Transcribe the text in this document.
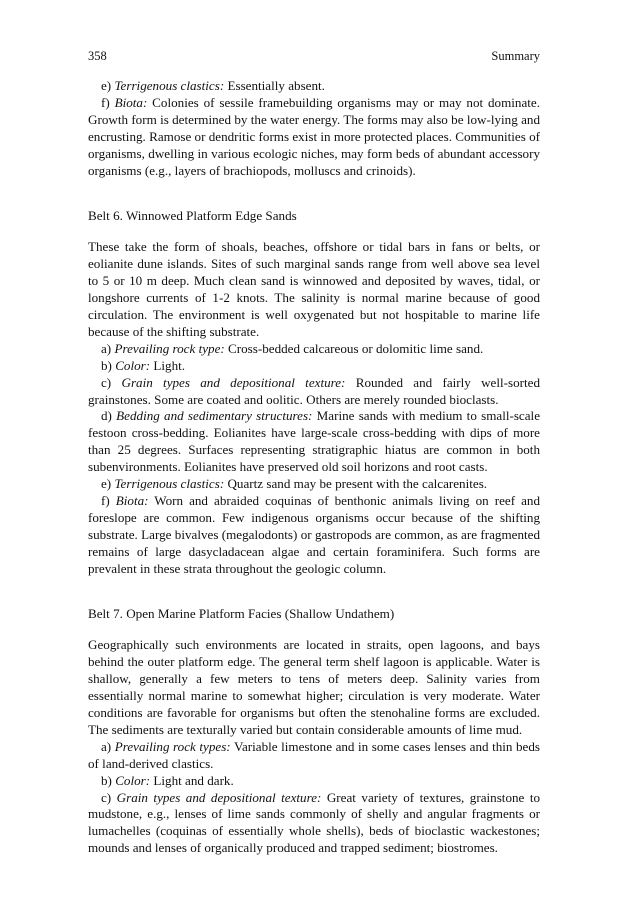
358	Summary

e) Terrigenous clastics: Essentially absent.

f) Biota: Colonies of sessile framebuilding organisms may or may not dominate. Growth form is determined by the water energy. The forms may also be low-lying and encrusting. Ramose or dendritic forms exist in more protected places. Communities of organisms, dwelling in various ecologic niches, may form beds of abundant accessory organisms (e.g., layers of brachiopods, molluscs and crinoids).

Belt 6. Winnowed Platform Edge Sands

These take the form of shoals, beaches, offshore or tidal bars in fans or belts, or eolianite dune islands. Sites of such marginal sands range from well above sea level to 5 or 10 m deep. Much clean sand is winnowed and deposited by waves, tidal, or longshore currents of 1-2 knots. The salinity is normal marine because of good circulation. The environment is well oxygenated but not hospitable to marine life because of the shifting substrate.

a) Prevailing rock type: Cross-bedded calcareous or dolomitic lime sand.

b) Color: Light.

c) Grain types and depositional texture: Rounded and fairly well-sorted grainstones. Some are coated and oolitic. Others are merely rounded bioclasts.

d) Bedding and sedimentary structures: Marine sands with medium to small-scale festoon cross-bedding. Eolianites have large-scale cross-bedding with dips of more than 25 degrees. Surfaces representing stratigraphic hiatus are common in both subenvironments. Eolianites have preserved old soil horizons and root casts.

e) Terrigenous clastics: Quartz sand may be present with the calcarenites.

f) Biota: Worn and abraided coquinas of benthonic animals living on reef and foreslope are common. Few indigenous organisms occur because of the shifting substrate. Large bivalves (megalodonts) or gastropods are common, as are fragmented remains of large dasycladacean algae and certain foraminifera. Such forms are prevalent in these strata throughout the geologic column.

Belt 7. Open Marine Platform Facies (Shallow Undathem)

Geographically such environments are located in straits, open lagoons, and bays behind the outer platform edge. The general term shelf lagoon is applicable. Water is shallow, generally a few meters to tens of meters deep. Salinity varies from essentially normal marine to somewhat higher; circulation is very moderate. Water conditions are favorable for organisms but often the stenohaline forms are excluded. The sediments are texturally varied but contain considerable amounts of lime mud.

a) Prevailing rock types: Variable limestone and in some cases lenses and thin beds of land-derived clastics.

b) Color: Light and dark.

c) Grain types and depositional texture: Great variety of textures, grainstone to mudstone, e.g., lenses of lime sands commonly of shelly and angular fragments or lumachelles (coquinas of essentially whole shells), beds of bioclastic wackestones; mounds and lenses of organically produced and trapped sediment; biostromes.
